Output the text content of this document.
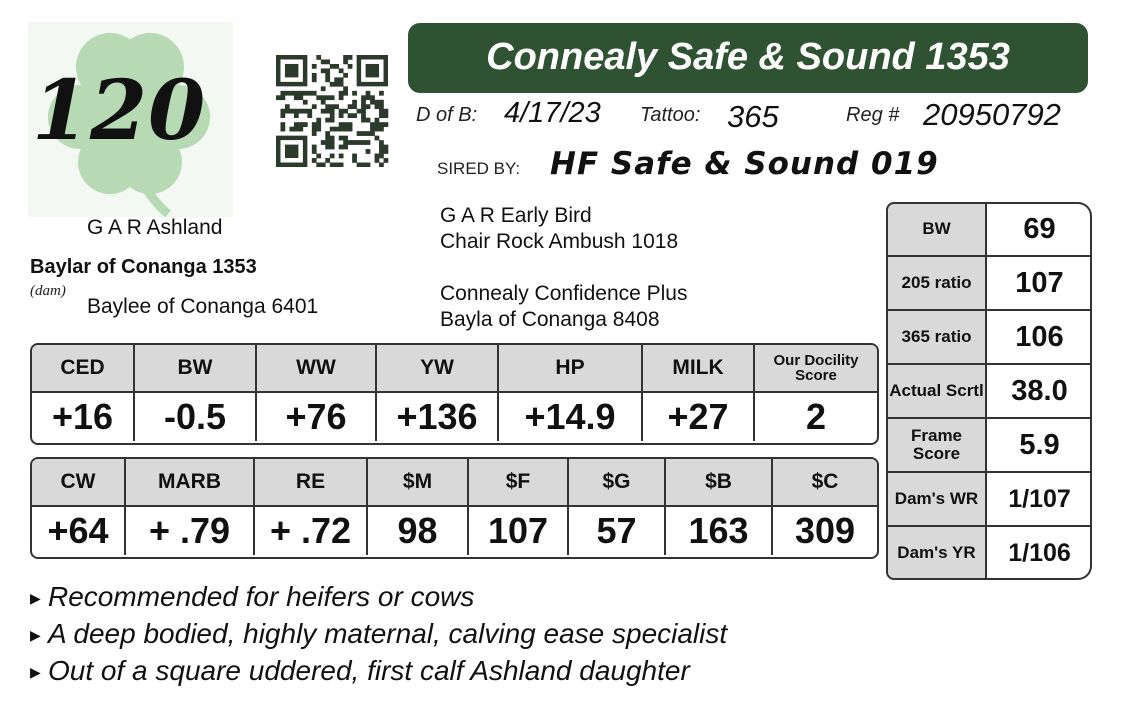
120
Connealy Safe & Sound 1353
D of B: 4/17/23 Tattoo: 365	Reg # 20950792
SIRED BY: HF Safe & Sound 019
G A R Ashland
Baylar of Conanga 1353
(dam)
Baylee of Conanga 6401
G A R Early Bird
Chair Rock Ambush 1018
Connealy Confidence Plus
Bayla of Conanga 8408
CED	BW	WW	YW	HP	MILK	Our Docility Score
+16	-0.5	+76	+136	+14.9	+27	2
CW	MARB	RE	$M	$F	$G	$B	$C
+64	+ .79	+ .72	98	107	57	163	309
BW	69
205 ratio	107
365 ratio	106
Actual Scrtl 38.0
Frame Score	5.9
Dam's WR	1/107
Dam's YR	1/106
▶ Recommended for heifers or cows
▶ A deep bodied, highly maternal, calving ease specialist
▶ Out of a square uddered, first calf Ashland daughter
